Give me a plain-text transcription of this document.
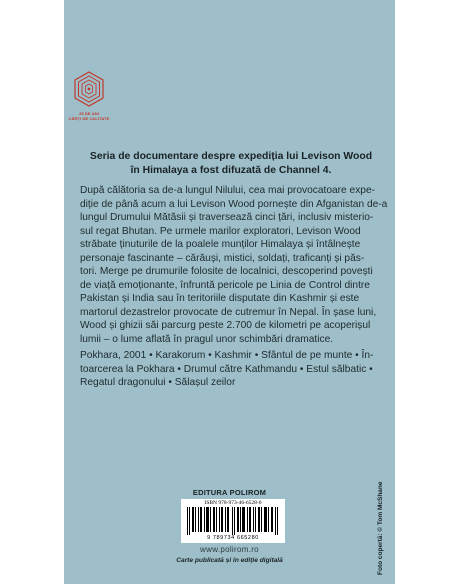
25 DE ANI
CĂRȚI DE CALITATE
Seria de documentare despre expediția lui Levison Wood
în Himalaya a fost difuzată de Channel 4.
După călătoria sa de-a lungul Nilului, cea mai provocatoare expe-
diție de până acum a lui Levison Wood pornește din Afganistan de-a
lungul Drumului Mătăsii și traversează cinci țări, inclusiv misterio-
sul regat Bhutan. Pe urmele marilor exploratori, Levison Wood
străbate ținuturile de la poalele munților Himalaya și întâlnește
personaje fascinante – cărăuși, mistici, soldați, traficanți și păs-
tori. Merge pe drumurile folosite de localnici, descoperind povești
de viață emoționante, înfruntă pericole pe Linia de Control dintre
Pakistan și India sau în teritoriile disputate din Kashmir și este
martorul dezastrelor provocate de cutremur în Nepal. În șase luni,
Wood și ghizii săi parcurg peste 2.700 de kilometri pe acoperișul
lumii – o lume aflată în pragul unor schimbări dramatice.
Pokhara, 2001 • Karakorum • Kashmir • Sfântul de pe munte • În-
toarcerea la Pokhara • Drumul către Kathmandu • Estul sălbatic •
Regatul dragonului • Sălașul zeilor
EDITURA POLIROM
ISBN 978-973-46-6528-0
9 789734 665280
www.polirom.ro
Carte publicată și în ediție digitală	Foto copertă: © Tom McShane
